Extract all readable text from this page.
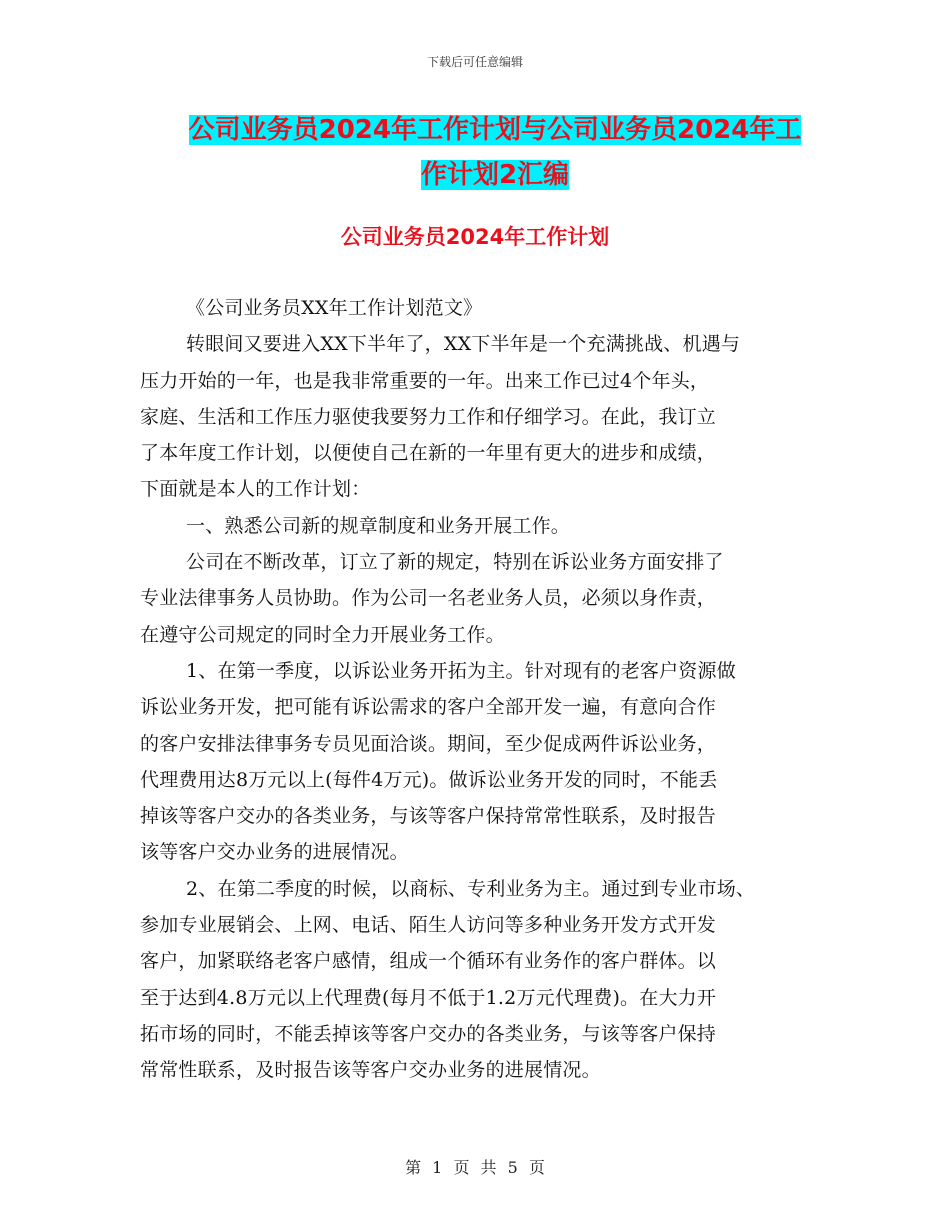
下载后可任意编辑
公司业务员2024年工作计划与公司业务员2024年工
作计划2汇编
公司业务员2024年工作计划
《公司业务员XX年工作计划范文》
转眼间又要进入XX下半年了，XX下半年是一个充满挑战、机遇与
压力开始的一年，也是我非常重要的一年。出来工作已过4个年头，
家庭、生活和工作压力驱使我要努力工作和仔细学习。在此，我订立
了本年度工作计划，以便使自己在新的一年里有更大的进步和成绩，
下面就是本人的工作计划：
一、熟悉公司新的规章制度和业务开展工作。
公司在不断改革，订立了新的规定，特别在诉讼业务方面安排了
专业法律事务人员协助。作为公司一名老业务人员，必须以身作责，
在遵守公司规定的同时全力开展业务工作。
1、在第一季度，以诉讼业务开拓为主。针对现有的老客户资源做
诉讼业务开发，把可能有诉讼需求的客户全部开发一遍，有意向合作
的客户安排法律事务专员见面洽谈。期间，至少促成两件诉讼业务，
代理费用达8万元以上(每件4万元)。做诉讼业务开发的同时，不能丢
掉该等客户交办的各类业务，与该等客户保持常常性联系，及时报告
该等客户交办业务的进展情况。
2、在第二季度的时候，以商标、专利业务为主。通过到专业市场、
参加专业展销会、上网、电话、陌生人访问等多种业务开发方式开发
客户，加紧联络老客户感情，组成一个循环有业务作的客户群体。以
至于达到4.8万元以上代理费(每月不低于1.2万元代理费)。在大力开
拓市场的同时，不能丢掉该等客户交办的各类业务，与该等客户保持
常常性联系，及时报告该等客户交办业务的进展情况。
第 1 页 共 5 页
